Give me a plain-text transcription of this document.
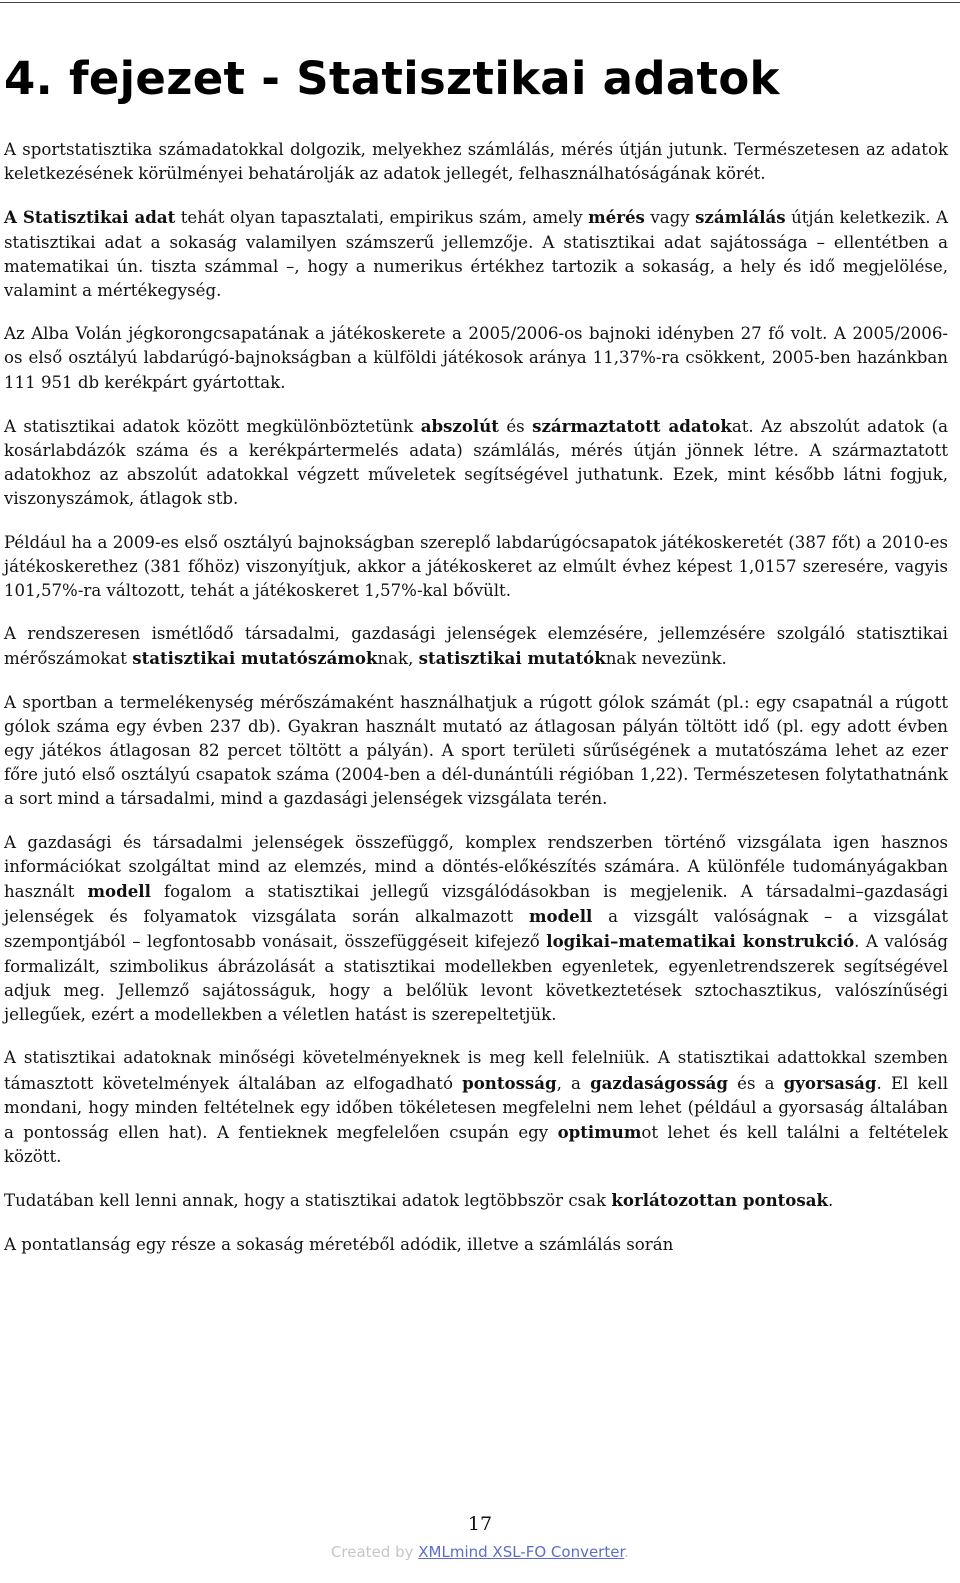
4. fejezet - Statisztikai adatok

A sportstatisztika számadatokkal dolgozik, melyekhez számlálás, mérés útján jutunk. Természetesen az adatok keletkezésének körülményei behatárolják az adatok jellegét, felhasználhatóságának körét.

A Statisztikai adat tehát olyan tapasztalati, empirikus szám, amely mérés vagy számlálás útján keletkezik. A statisztikai adat a sokaság valamilyen számszerű jellemzője. A statisztikai adat sajátossága – ellentétben a matematikai ún. tiszta számmal –, hogy a numerikus értékhez tartozik a sokaság, a hely és idő megjelölése, valamint a mértékegység.

Az Alba Volán jégkorongcsapatának a játékoskerete a 2005/2006-os bajnoki idényben 27 fő volt. A 2005/2006-os első osztályú labdarúgó-bajnokságban a külföldi játékosok aránya 11,37%-ra csökkent, 2005-ben hazánkban 111 951 db kerékpárt gyártottak.

A statisztikai adatok között megkülönböztetünk abszolút és származtatott adatokat. Az abszolút adatok (a kosárlabdázók száma és a kerékpártermelés adata) számlálás, mérés útján jönnek létre. A származtatott adatokhoz az abszolút adatokkal végzett műveletek segítségével juthatunk. Ezek, mint később látni fogjuk, viszonyszámok, átlagok stb.

Például ha a 2009-es első osztályú bajnokságban szereplő labdarúgócsapatok játékoskeretét (387 főt) a 2010-es játékoskerethez (381 főhöz) viszonyítjuk, akkor a játékoskeret az elmúlt évhez képest 1,0157 szeresére, vagyis 101,57%-ra változott, tehát a játékoskeret 1,57%-kal bővült.

A rendszeresen ismétlődő társadalmi, gazdasági jelenségek elemzésére, jellemzésére szolgáló statisztikai mérőszámokat statisztikai mutatószámoknak, statisztikai mutatóknak nevezünk.

A sportban a termelékenység mérőszámaként használhatjuk a rúgott gólok számát (pl.: egy csapatnál a rúgott gólok száma egy évben 237 db). Gyakran használt mutató az átlagosan pályán töltött idő (pl. egy adott évben egy játékos átlagosan 82 percet töltött a pályán). A sport területi sűrűségének a mutatószáma lehet az ezer főre jutó első osztályú csapatok száma (2004-ben a dél-dunántúli régióban 1,22). Természetesen folytathatnánk a sort mind a társadalmi, mind a gazdasági jelenségek vizsgálata terén.

A gazdasági és társadalmi jelenségek összefüggő, komplex rendszerben történő vizsgálata igen hasznos információkat szolgáltat mind az elemzés, mind a döntés-előkészítés számára. A különféle tudományágakban használt modell fogalom a statisztikai jellegű vizsgálódásokban is megjelenik. A társadalmi–gazdasági jelenségek és folyamatok vizsgálata során alkalmazott modell a vizsgált valóságnak – a vizsgálat szempontjából – legfontosabb vonásait, összefüggéseit kifejező logikai–matematikai konstrukció. A valóság formalizált, szimbolikus ábrázolását a statisztikai modellekben egyenletek, egyenletrendszerek segítségével adjuk meg. Jellemző sajátosságuk, hogy a belőlük levont következtetések sztochasztikus, valószínűségi jellegűek, ezért a modellekben a véletlen hatást is szerepeltetjük.

A statisztikai adatoknak minőségi követelményeknek is meg kell felelniük. A statisztikai adattokkal szemben támasztott követelmények általában az elfogadható pontosság, a gazdaságosság és a gyorsaság. El kell mondani, hogy minden feltételnek egy időben tökéletesen megfelelni nem lehet (például a gyorsaság általában a pontosság ellen hat). A fentieknek megfelelően csupán egy optimumot lehet és kell találni a feltételek között.

Tudatában kell lenni annak, hogy a statisztikai adatok legtöbbször csak korlátozottan pontosak.

A pontatlanság egy része a sokaság méretéből adódik, illetve a számlálás során

17
Created by XMLmind XSL-FO Converter.
